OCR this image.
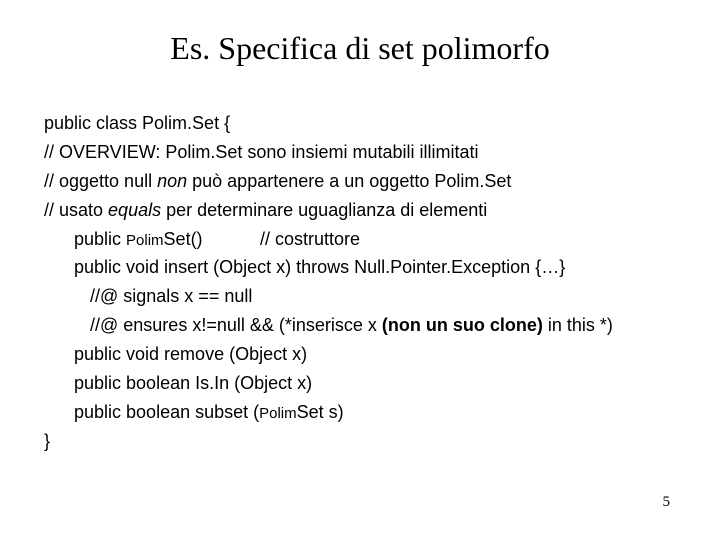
Es. Specifica di set polimorfo
public class Polim.Set {
// OVERVIEW: Polim.Set sono insiemi mutabili illimitati
// oggetto null non può appartenere a un oggetto Polim.Set
// usato equals per determinare uguaglianza di elementi
public PolimSet()	// costruttore
public void insert (Object x) throws Null.Pointer.Exception {…}
//@ signals x == null
//@ ensures x!=null && (*inserisce x (non un suo clone) in this *)
public void remove (Object x)
public boolean Is.In (Object x)
public boolean subset (PolimSet s)
}
5
